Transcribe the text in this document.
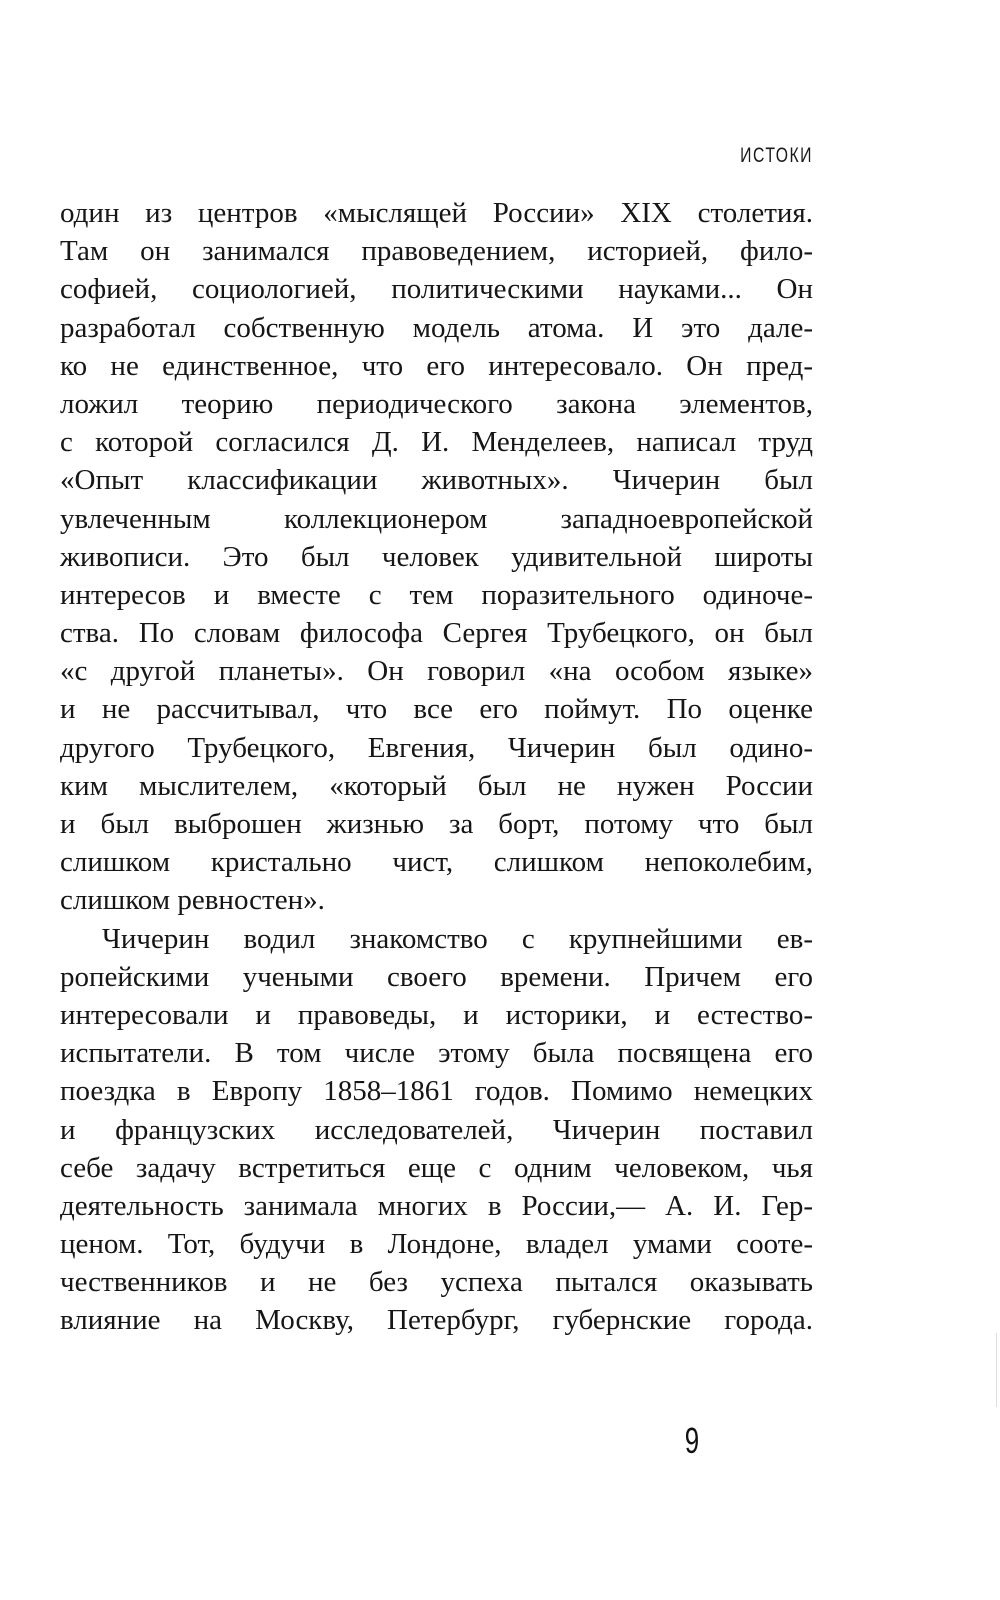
ИСТОКИ
один из центров «мыслящей России» XIX столетия.
Там он занимался правоведением, историей, фило-
софией, социологией, политическими науками... Он
разработал собственную модель атома. И это дале-
ко не единственное, что его интересовало. Он пред-
ложил теорию периодического закона элементов,
с которой согласился Д. И. Менделеев, написал труд
«Опыт классификации животных». Чичерин был
увлеченным коллекционером западноевропейской
живописи. Это был человек удивительной широты
интересов и вместе с тем поразительного одиноче-
ства. По словам философа Сергея Трубецкого, он был
«с другой планеты». Он говорил «на особом языке»
и не рассчитывал, что все его поймут. По оценке
другого Трубецкого, Евгения, Чичерин был одино-
ким мыслителем, «который был не нужен России
и был выброшен жизнью за борт, потому что был
слишком кристально чист, слишком непоколебим,
слишком ревностен».
Чичерин водил знакомство с крупнейшими ев-
ропейскими учеными своего времени. Причем его
интересовали и правоведы, и историки, и естество-
испытатели. В том числе этому была посвящена его
поездка в Европу 1858–1861 годов. Помимо немецких
и французских исследователей, Чичерин поставил
себе задачу встретиться еще с одним человеком, чья
деятельность занимала многих в России,— А. И. Гер-
ценом. Тот, будучи в Лондоне, владел умами сооте-
чественников и не без успеха пытался оказывать
влияние на Москву, Петербург, губернские города.
9
